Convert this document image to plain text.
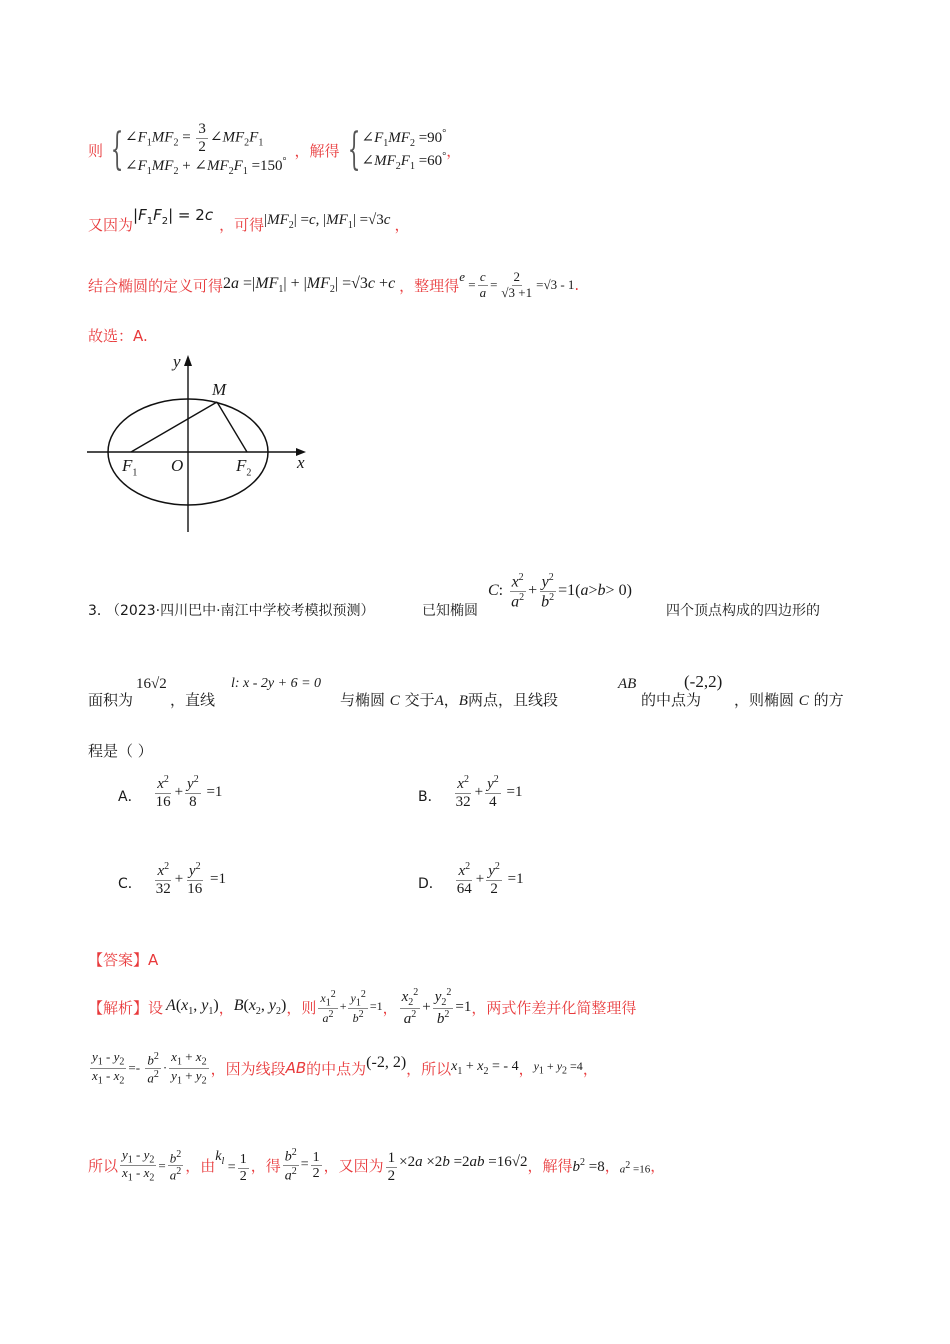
则 { $\angle F_1MF_2 = \frac{3}{2}$ $\angle MF_2F_1$
$\angle F_1MF_2$ + $\angle MF_2F_1 =150^\circ$
，解得 { $\angle F_1MF_2 =90^\circ$
$\angle MF_2F_1 =60^\circ$ ，
又因为
$|F_1F_2| = 2c$
，可得 $|MF_2| =c$, $|MF_1| =√3c$ ，
结合椭圆的定义可得 $2a =|MF_1| + |MF_2| =√3c +c$ ，整理得 e
= $\frac{c}{a} = \frac{2}{√3 +1} =√3 - 1$ .
故选：A.
y
M
x
O
$F_1$	$F_2$
3．
（2023·四川巴中·南江中学校考模拟预测）	已知椭圆
C : $\frac{x^2}{a^2} + \frac{y^2}{b^2} =1$( a > b > 0)
四个顶点构成的四边形的
面积为
16√2
，直线
l: x - 2y + 6 = 0
与椭圆 C 交于A，B两点，且线段
AB
的中点为
(-2,2)
，则椭圆 C 的方
程是（ ）
A． $\frac{x^2}{16} + \frac{y^2}{8} =1$	B． $\frac{x^2}{32} + \frac{y^2}{4} =1$
C． $\frac{x^2}{32} + \frac{y^2}{16} =1$	D． $\frac{x^2}{64} + \frac{y^2}{2} =1$
【答案】A
【解析】 设 $A(x_1$, $y_1$) ， $B(x_2$, $y_2$) ，则 $\frac{x_1^2}{a^2} + \frac{y_1^2}{b^2} =1$ ， $\frac{x_2^2}{a^2} + \frac{y_2^2}{b^2} =1$ ，两式作差并化简整理得
$\frac{y_1 - y_2}{x_1 - x_2} =- \frac{b^2}{a^2} \cdot \frac{x_1 + x_2}{y_1 + y_2}$ ，因为线段 AB 的中点为 (-2, 2) ，所以 $x_1 + x_2$ = - 4 ， $y_1 + y_2 =4$ ，
所以 $\frac{y_1 - y_2}{x_1 - x_2} = \frac{b^2}{a^2}$ ，由
$k_l = \frac{1}{2}$ ，得 $\frac{b^2}{a^2} = \frac{1}{2}$ ，又因为 $\frac{1}{2} \times 2a \times 2b =2ab =16√2$ ，解得 $b^2 =8$ ， $a^2 =16$ ，
